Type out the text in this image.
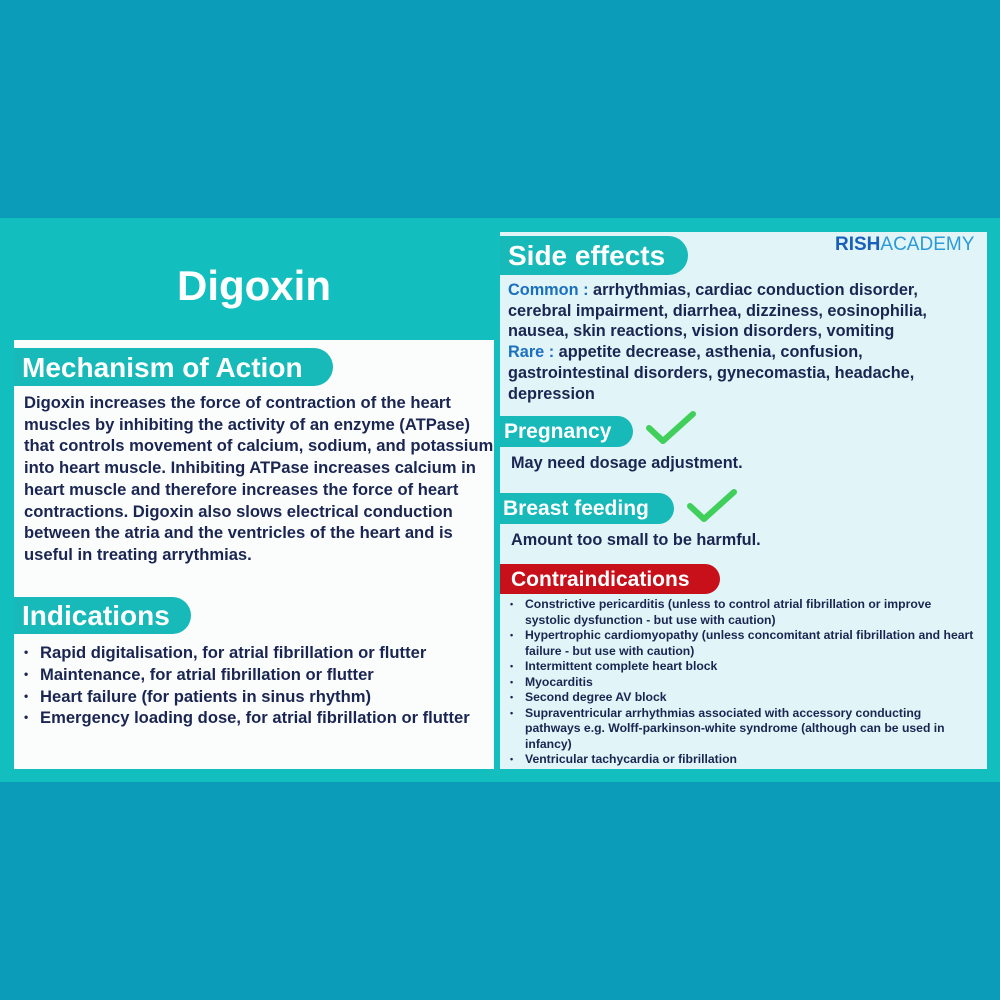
Digoxin
RISHACADEMY
Mechanism of Action
Digoxin increases the force of contraction of the heart muscles by inhibiting the activity of an enzyme (ATPase) that controls movement of calcium, sodium, and potassium into heart muscle. Inhibiting ATPase increases calcium in heart muscle and therefore increases the force of heart contractions. Digoxin also slows electrical conduction between the atria and the ventricles of the heart and is useful in treating arrythmias.
Indications
• Rapid digitalisation, for atrial fibrillation or flutter
• Maintenance, for atrial fibrillation or flutter
• Heart failure (for patients in sinus rhythm)
• Emergency loading dose, for atrial fibrillation or flutter
Side effects
Common : arrhythmias, cardiac conduction disorder, cerebral impairment, diarrhea, dizziness, eosinophilia, nausea, skin reactions, vision disorders, vomiting
Rare : appetite decrease, asthenia, confusion, gastrointestinal disorders, gynecomastia, headache, depression
Pregnancy
May need dosage adjustment.
Breast feeding
Amount too small to be harmful.
Contraindications
• Constrictive pericarditis (unless to control atrial fibrillation or improve systolic dysfunction - but use with caution)
• Hypertrophic cardiomyopathy (unless concomitant atrial fibrillation and heart failure - but use with caution)
• Intermittent complete heart block
• Myocarditis
• Second degree AV block
• Supraventricular arrhythmias associated with accessory conducting pathways e.g. Wolff-parkinson-white syndrome (although can be used in infancy)
• Ventricular tachycardia or fibrillation
